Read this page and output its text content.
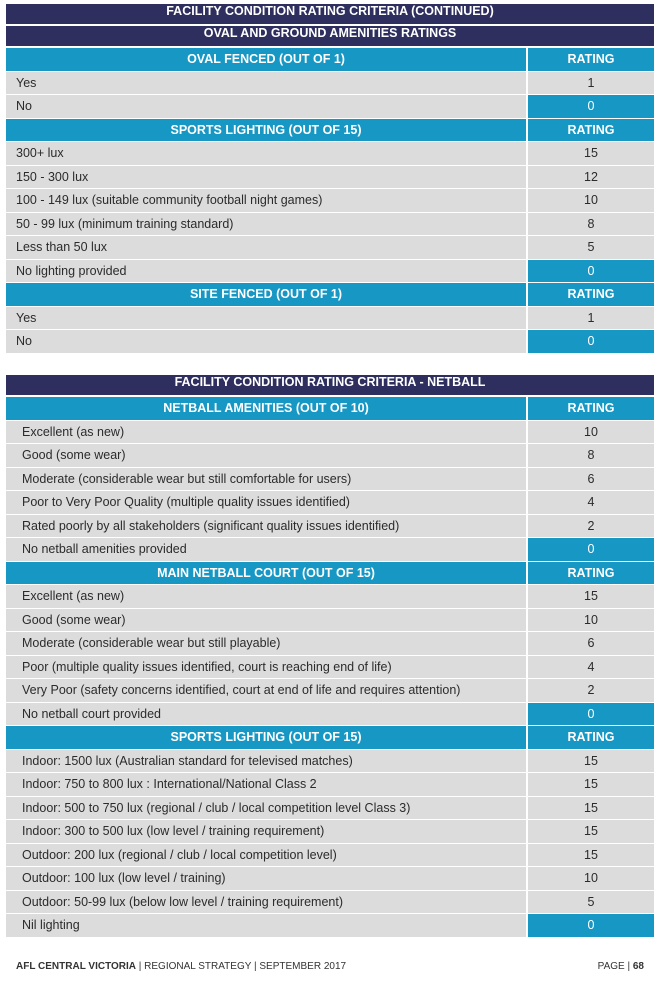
FACILITY CONDITION RATING CRITERIA (CONTINUED)
OVAL AND GROUND AMENITIES RATINGS
OVAL FENCED (OUT OF 1)	RATING
Yes	1
No	0
SPORTS LIGHTING (OUT OF 15)	RATING
300+ lux	15
150 - 300 lux	12
100 - 149 lux (suitable community football night games)	10
50 - 99 lux (minimum training standard)	8
Less than 50 lux	5
No lighting provided	0
SITE FENCED (OUT OF 1)	RATING
Yes	1
No	0
FACILITY CONDITION RATING CRITERIA - NETBALL
NETBALL AMENITIES (OUT OF 10)	RATING
Excellent (as new)	10
Good (some wear)	8
Moderate (considerable wear but still comfortable for users)	6
Poor to Very Poor Quality (multiple quality issues identified)	4
Rated poorly by all stakeholders (significant quality issues identified)	2
No netball amenities provided	0
MAIN NETBALL COURT (OUT OF 15)	RATING
Excellent (as new)	15
Good (some wear)	10
Moderate (considerable wear but still playable)	6
Poor (multiple quality issues identified, court is reaching end of life)	4
Very Poor (safety concerns identified, court at end of life and requires attention)	2
No netball court provided	0
SPORTS LIGHTING (OUT OF 15)	RATING
Indoor: 1500 lux (Australian standard for televised matches)	15
Indoor: 750 to 800 lux : International/National Class 2	15
Indoor: 500 to 750 lux (regional / club / local competition level Class 3)	15
Indoor: 300 to 500 lux (low level / training requirement)	15
Outdoor: 200 lux (regional / club / local competition level)	15
Outdoor: 100 lux (low level / training)	10
Outdoor: 50-99 lux (below low level / training requirement)	5
Nil lighting	0
AFL CENTRAL VICTORIA | REGIONAL STRATEGY | SEPTEMBER 2017	PAGE | 68
